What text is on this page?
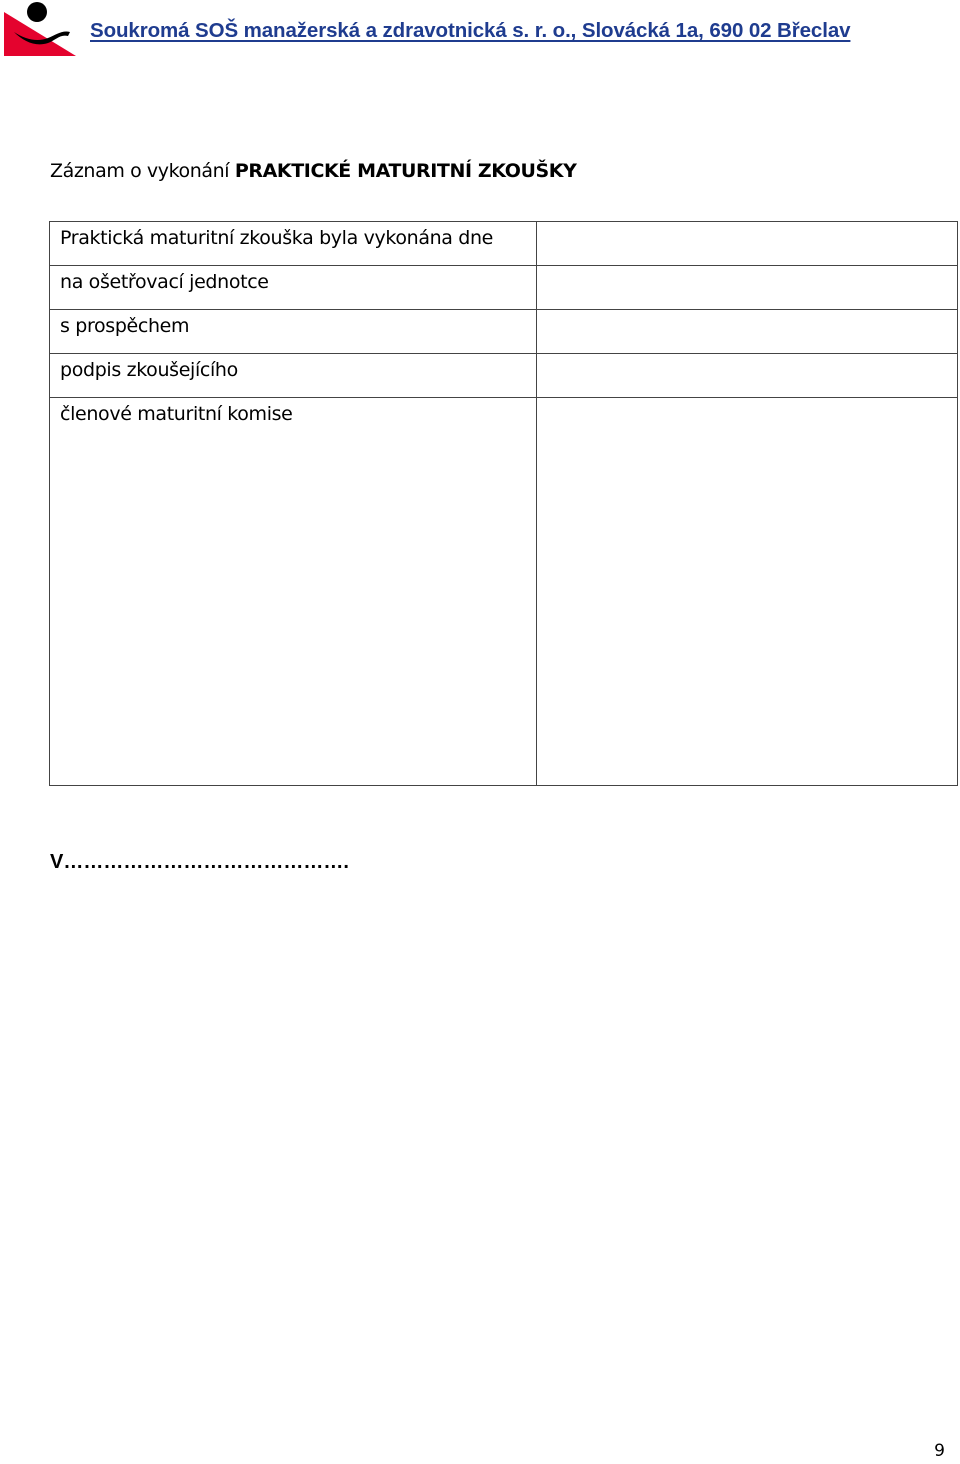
Soukromá SOŠ manažerská a zdravotnická s. r. o., Slovácká 1a, 690 02 Břeclav
Záznam o vykonání PRAKTICKÉ MATURITNÍ ZKOUŠKY
Praktická maturitní zkouška byla vykonána dne	
na ošetřovací jednotce	
s prospěchem	
podpis zkoušejícího	
členové maturitní komise	
V…………………………………….
9
